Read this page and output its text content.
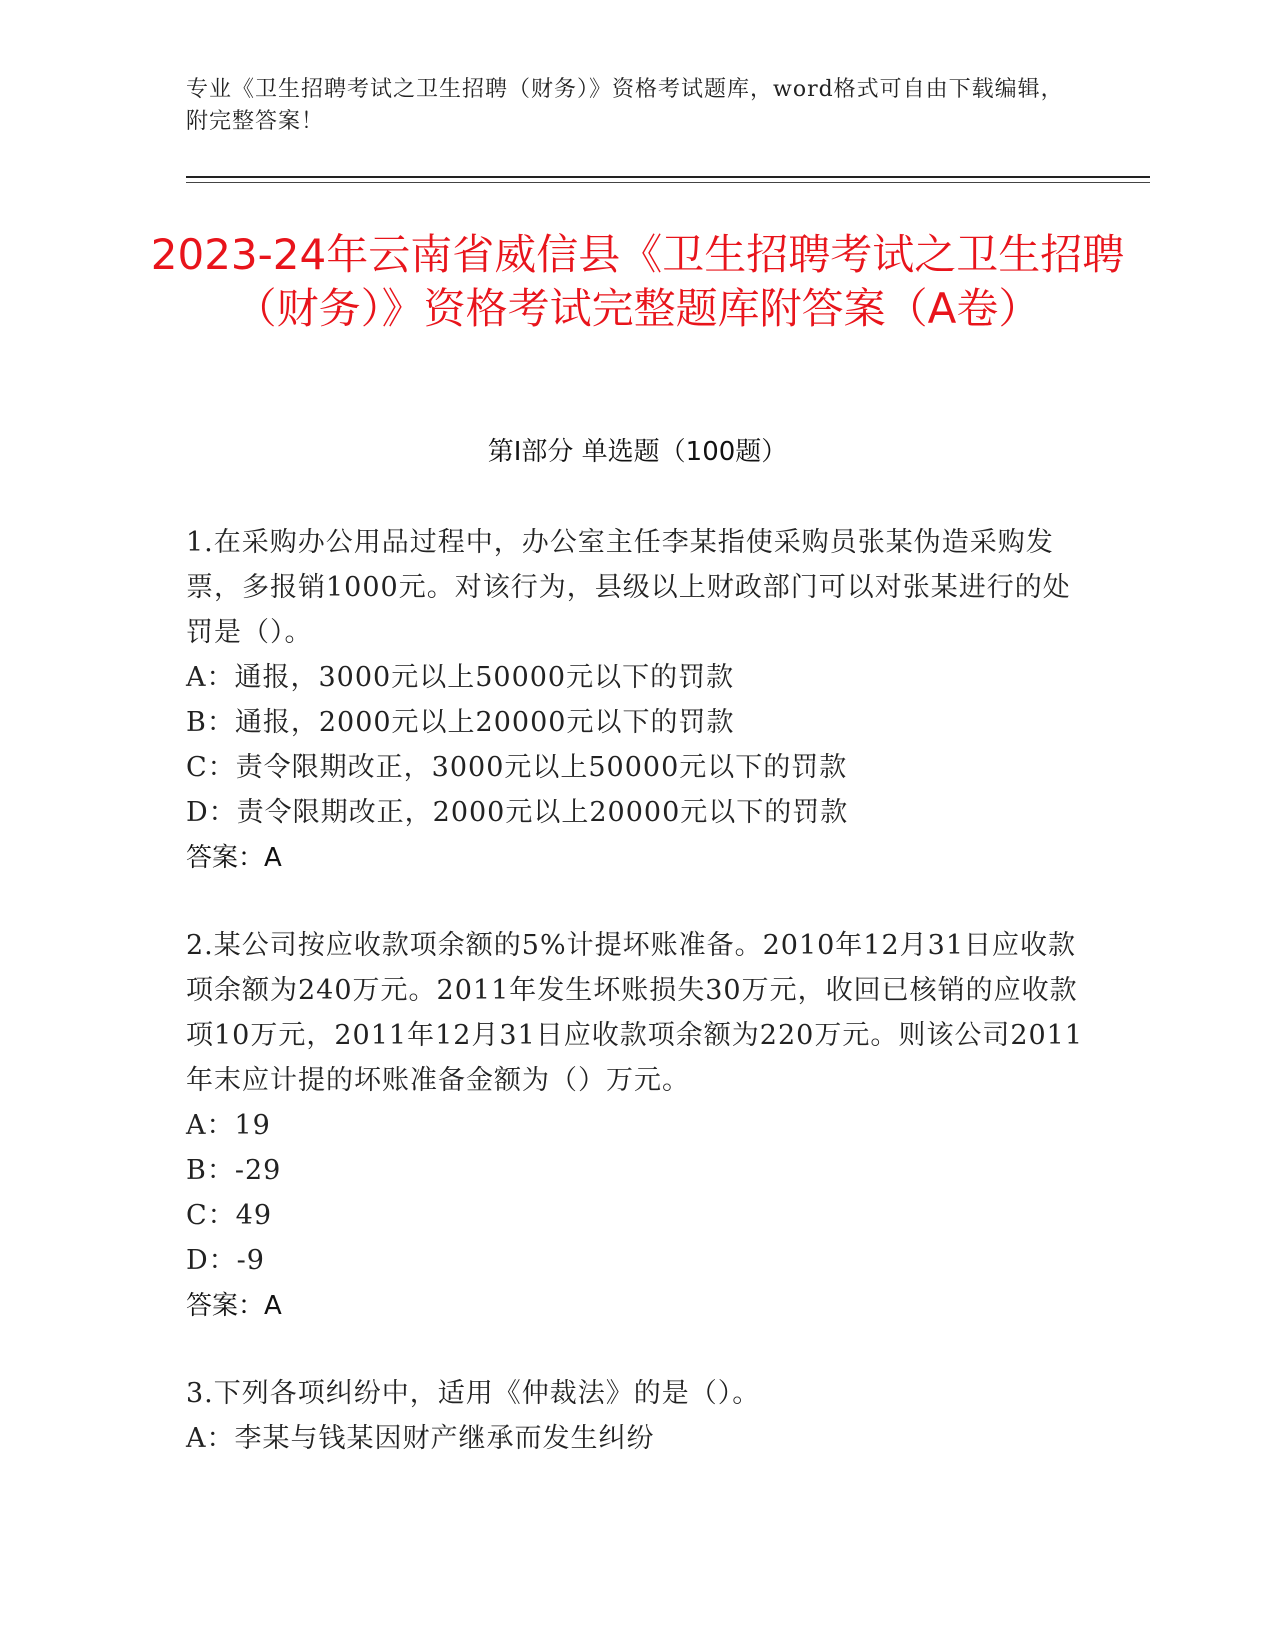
专业《卫生招聘考试之卫生招聘（财务）》资格考试题库，word格式可自由下载编辑，附完整答案！
2023-24年云南省威信县《卫生招聘考试之卫生招聘（财务）》资格考试完整题库附答案（A卷）
第Ⅰ部分 单选题（100题）
1.在采购办公用品过程中，办公室主任李某指使采购员张某伪造采购发票，多报销1000元。对该行为，县级以上财政部门可以对张某进行的处罚是（）。
A：通报，3000元以上50000元以下的罚款
B：通报，2000元以上20000元以下的罚款
C：责令限期改正，3000元以上50000元以下的罚款
D：责令限期改正，2000元以上20000元以下的罚款
答案：A
2.某公司按应收款项余额的5%计提坏账准备。2010年12月31日应收款项余额为240万元。2011年发生坏账损失30万元，收回已核销的应收款项10万元，2011年12月31日应收款项余额为220万元。则该公司2011年末应计提的坏账准备金额为（）万元。
A：19
B：-29
C：49
D：-9
答案：A
3.下列各项纠纷中，适用《仲裁法》的是（）。
A：李某与钱某因财产继承而发生纠纷
